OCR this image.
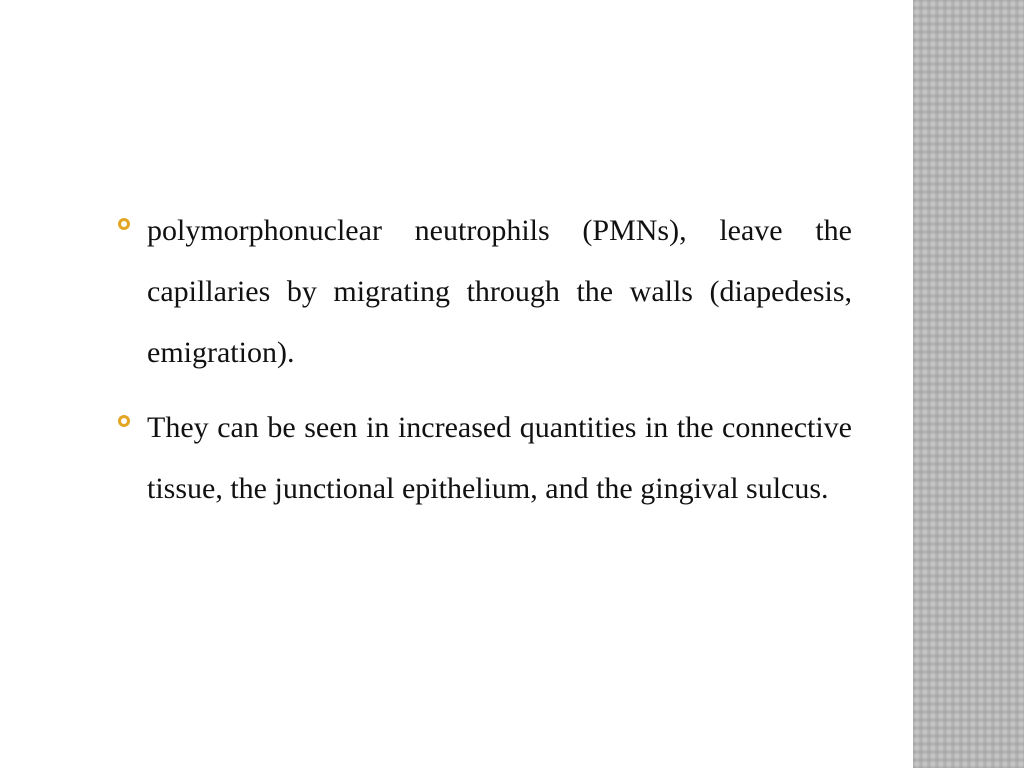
polymorphonuclear neutrophils (PMNs), leave the capillaries by migrating through the walls (diapedesis, emigration).

They can be seen in increased quantities in the connective tissue, the junctional epithelium, and the gingival sulcus.
